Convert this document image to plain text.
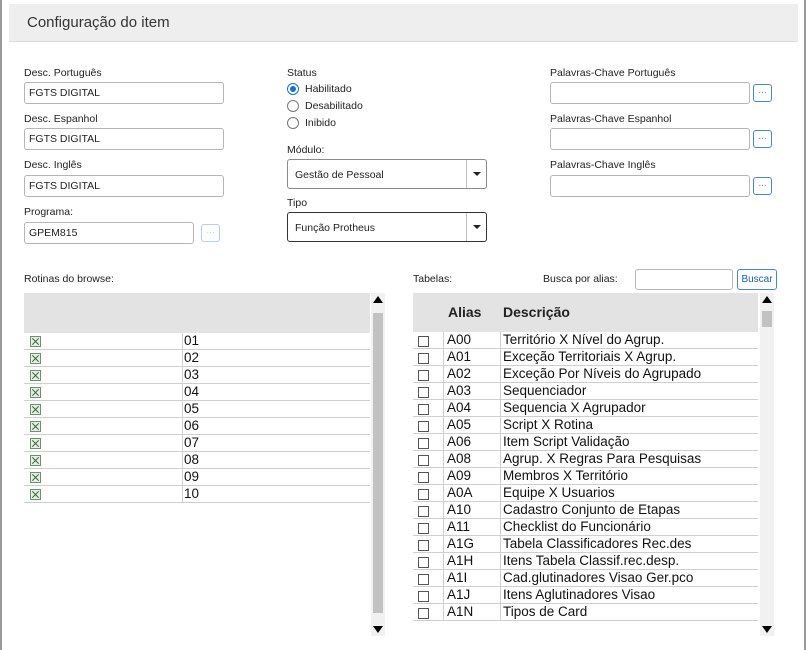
Configuração do item
Desc. Português
FGTS DIGITAL
Desc. Espanhol
FGTS DIGITAL
Desc. Inglês
FGTS DIGITAL
Programa:
GPEM815	...
Status
Habilitado
Desabilitado
Inibido
Módulo:
Gestão de Pessoal
Tipo
Função Protheus
Palavras-Chave Português
...
Palavras-Chave Espanhol
...
Palavras-Chave Inglês
...
Rotinas do browse:
01
02
03
04
05
06
07
08
09
10
Tabelas:	Busca por alias:	Buscar
Alias Descrição
A00 Território X Nível do Agrup.
A01 Exceção Territoriais X Agrup.
A02 Exceção Por Níveis do Agrupado
A03 Sequenciador
A04 Sequencia X Agrupador
A05 Script X Rotina
A06 Item Script Validação
A08 Agrup. X Regras Para Pesquisas
A09 Membros X Território
A0A Equipe X Usuarios
A10 Cadastro Conjunto de Etapas
A11 Checklist do Funcionário
A1G Tabela Classificadores Rec.des
A1H Itens Tabela Classif.rec.desp.
A1I	Cad.glutinadores Visao Ger.pco
A1J Itens Aglutinadores Visao
A1N Tipos de Card
